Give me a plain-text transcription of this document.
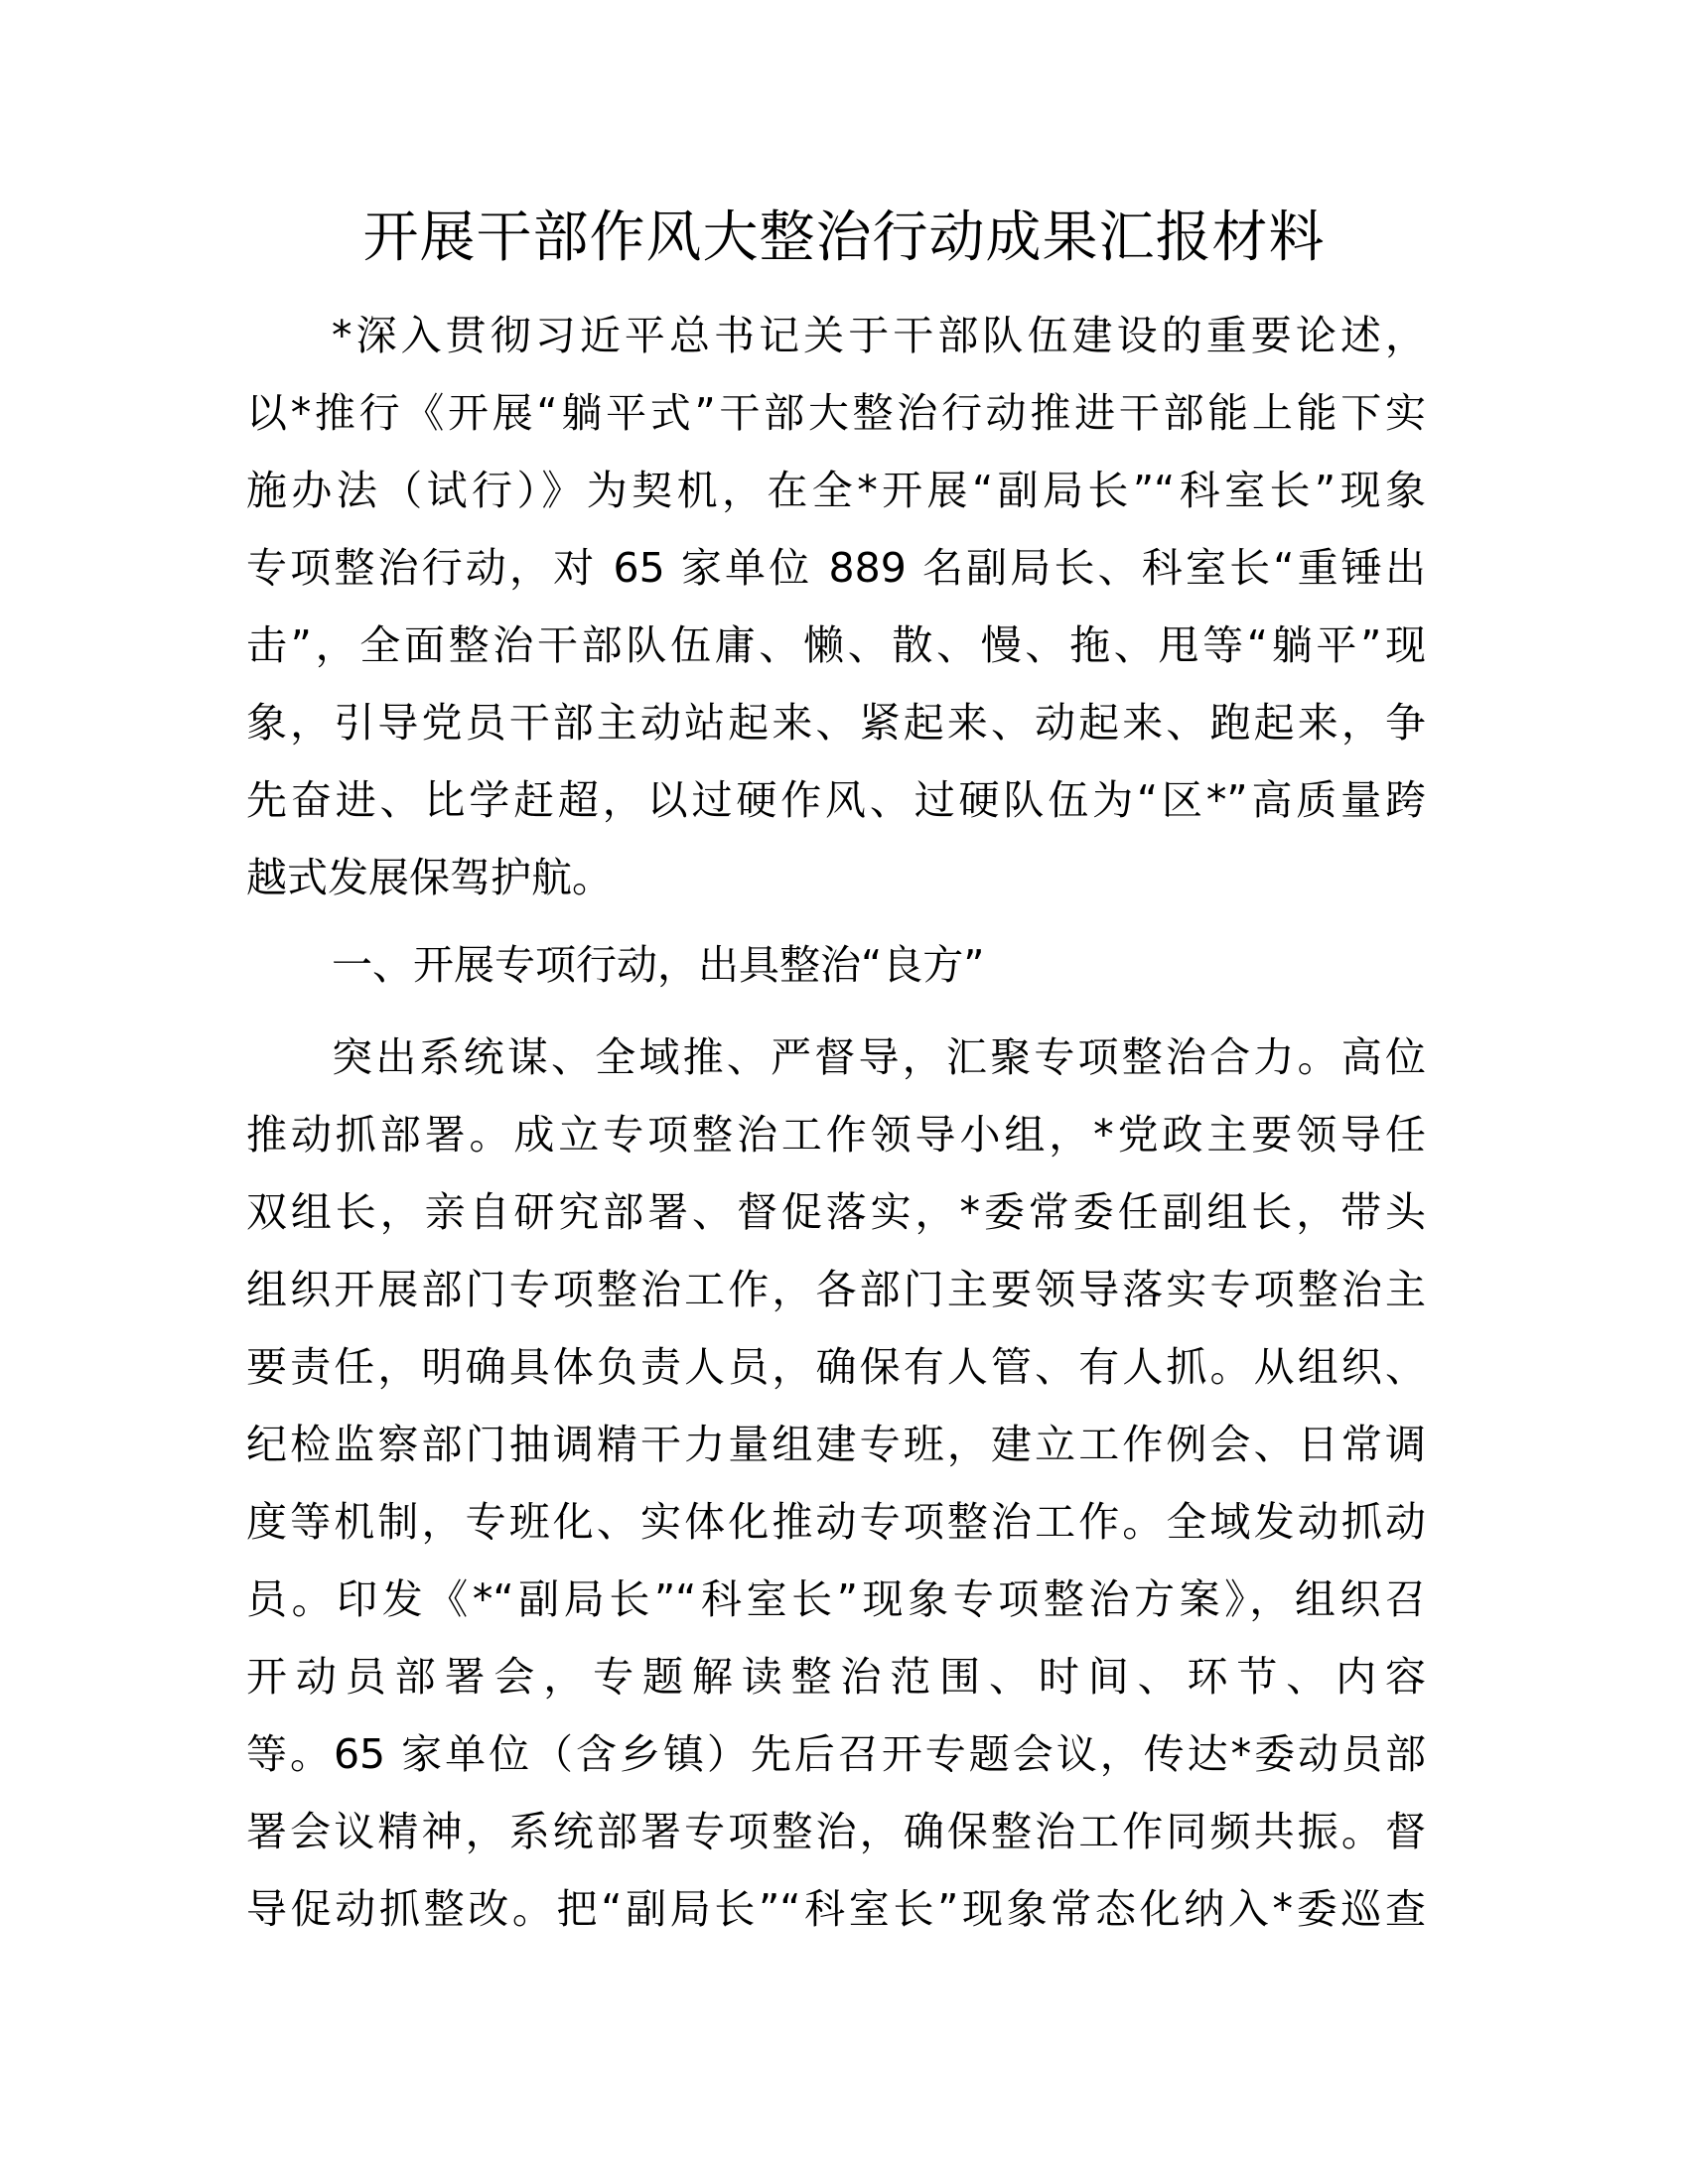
开展干部作风大整治行动成果汇报材料
*深入贯彻习近平总书记关于干部队伍建设的重要论述，
以*推行《开展“躺平式”干部大整治行动推进干部能上能下实
施办法（试行）》为契机，在全*开展“副局长”“科室长”现象
专项整治行动，对 65 家单位 889 名副局长、科室长“重锤出
击”，全面整治干部队伍庸、懒、散、慢、拖、甩等“躺平”现
象，引导党员干部主动站起来、紧起来、动起来、跑起来，争
先奋进、比学赶超，以过硬作风、过硬队伍为“区*”高质量跨
越式发展保驾护航。
一、开展专项行动，出具整治“良方”
突出系统谋、全域推、严督导，汇聚专项整治合力。高位
推动抓部署。成立专项整治工作领导小组，*党政主要领导任
双组长，亲自研究部署、督促落实，*委常委任副组长，带头
组织开展部门专项整治工作，各部门主要领导落实专项整治主
要责任，明确具体负责人员，确保有人管、有人抓。从组织、
纪检监察部门抽调精干力量组建专班，建立工作例会、日常调
度等机制，专班化、实体化推动专项整治工作。全域发动抓动
员。印发《*“副局长”“科室长”现象专项整治方案》，组织召
开动员部署会，专题解读整治范围、时间、环节、内容
等。65 家单位（含乡镇）先后召开专题会议，传达*委动员部
署会议精神，系统部署专项整治，确保整治工作同频共振。督
导促动抓整改。把“副局长”“科室长”现象常态化纳入*委巡查
